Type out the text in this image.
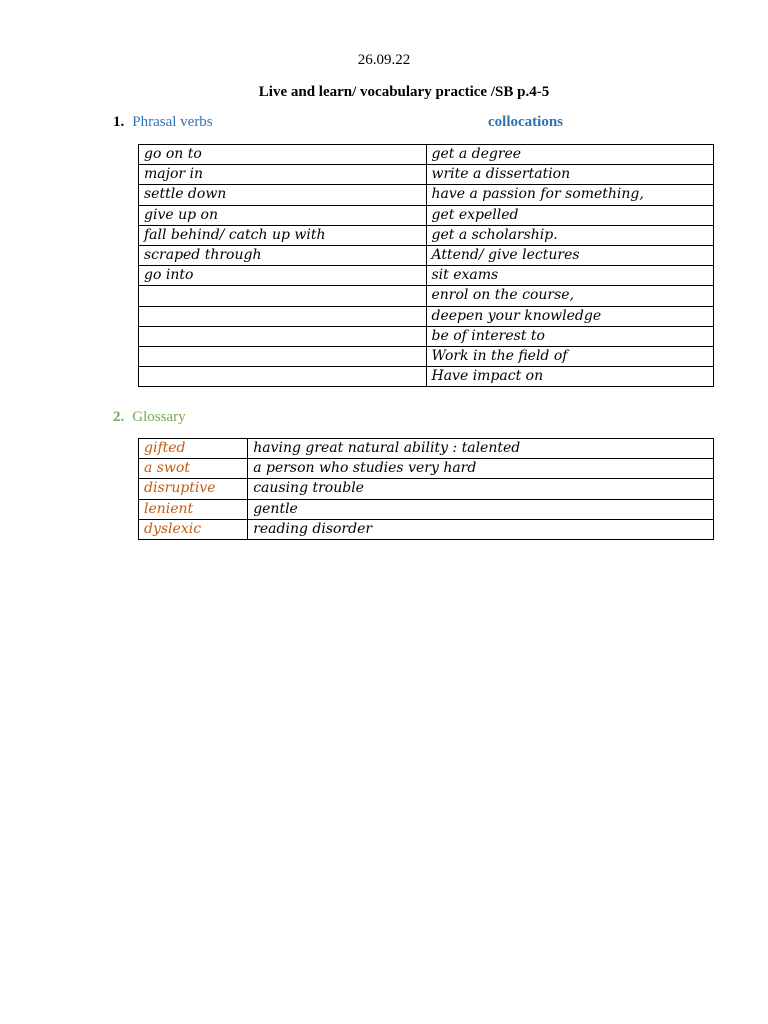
26.09.22
Live and learn/ vocabulary practice /SB p.4-5
1. Phrasal verbs	collocations
go on to	get a degree
major in	write a dissertation
settle down	have a passion for something,
give up on	get expelled
fall behind/ catch up with	get a scholarship.
scraped through	Attend/ give lectures
go into	sit exams
	enrol on the course,
	deepen your knowledge
	be of interest to
	Work in the field of
	Have impact on
2. Glossary
gifted	having great natural ability : talented
a swot	a person who studies very hard
disruptive	causing trouble
lenient	gentle
dyslexic	reading disorder
